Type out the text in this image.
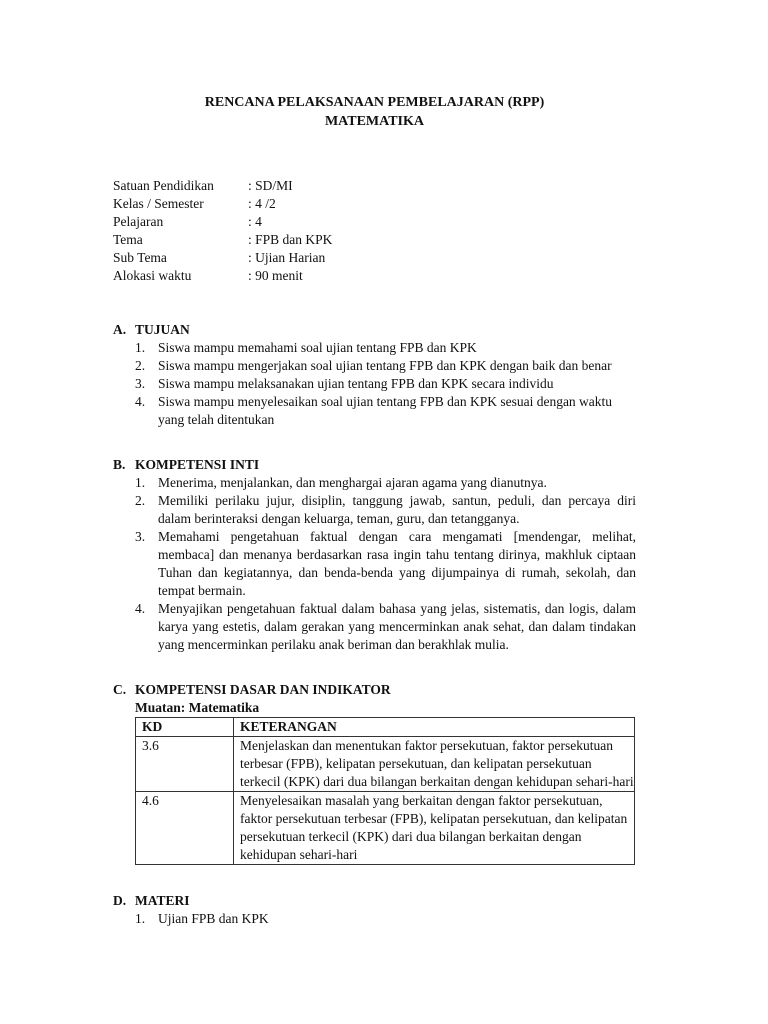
RENCANA PELAKSANAAN PEMBELAJARAN (RPP)
MATEMATIKA
Satuan Pendidikan	: SD/MI
Kelas / Semester	: 4 /2
Pelajaran	: 4
Tema	: FPB dan KPK
Sub Tema	: Ujian Harian
Alokasi waktu	: 90 menit
A. TUJUAN
1. Siswa mampu memahami soal ujian tentang FPB dan KPK
2. Siswa mampu mengerjakan soal ujian tentang FPB dan KPK dengan baik dan benar
3. Siswa mampu melaksanakan ujian tentang FPB dan KPK secara individu
4. Siswa mampu menyelesaikan soal ujian tentang FPB dan KPK sesuai dengan waktu yang telah ditentukan
B. KOMPETENSI INTI
1. Menerima, menjalankan, dan menghargai ajaran agama yang dianutnya.
2. Memiliki perilaku jujur, disiplin, tanggung jawab, santun, peduli, dan percaya diri dalam berinteraksi dengan keluarga, teman, guru, dan tetangganya.
3. Memahami pengetahuan faktual dengan cara mengamati [mendengar, melihat, membaca] dan menanya berdasarkan rasa ingin tahu tentang dirinya, makhluk ciptaan Tuhan dan kegiatannya, dan benda-benda yang dijumpainya di rumah, sekolah, dan tempat bermain.
4. Menyajikan pengetahuan faktual dalam bahasa yang jelas, sistematis, dan logis, dalam karya yang estetis, dalam gerakan yang mencerminkan anak sehat, dan dalam tindakan yang mencerminkan perilaku anak beriman dan berakhlak mulia.
C. KOMPETENSI DASAR DAN INDIKATOR
Muatan: Matematika
KD	KETERANGAN
3.6	Menjelaskan dan menentukan faktor persekutuan, faktor persekutuan terbesar (FPB), kelipatan persekutuan, dan kelipatan persekutuan terkecil (KPK) dari dua bilangan berkaitan dengan kehidupan sehari-hari
4.6	Menyelesaikan masalah yang berkaitan dengan faktor persekutuan, faktor persekutuan terbesar (FPB), kelipatan persekutuan, dan kelipatan persekutuan terkecil (KPK) dari dua bilangan berkaitan dengan kehidupan sehari-hari
D. MATERI
1. Ujian FPB dan KPK
